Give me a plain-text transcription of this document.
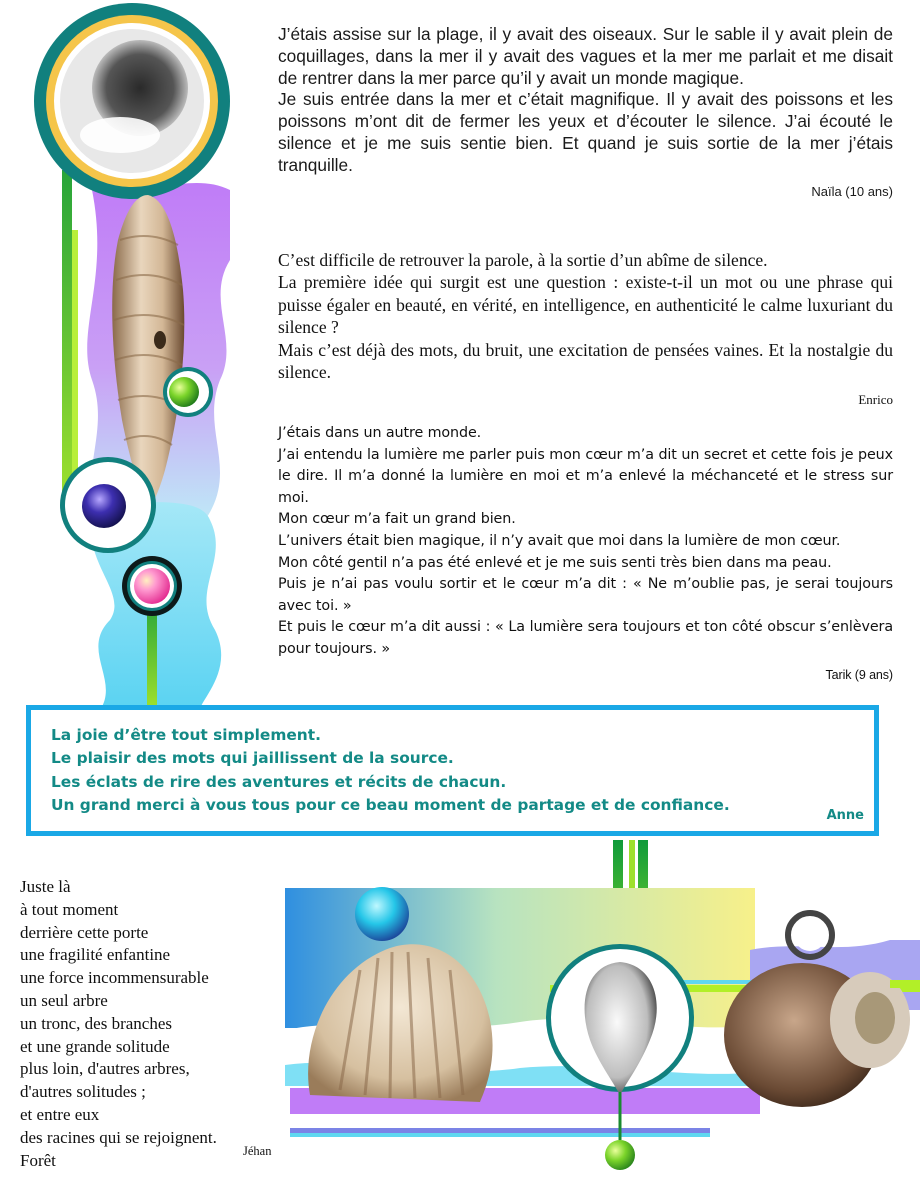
J’étais assise sur la plage, il y avait des oiseaux. Sur le sable il y avait plein de coquillages, dans la mer il y avait des vagues et la mer me parlait et me disait de rentrer dans la mer parce qu’il y avait un monde magique.

Je suis entrée dans la mer et c’était magnifique. Il y avait des poissons et les poissons m’ont dit de fermer les yeux et d’écouter le silence. J’ai écouté le silence et je me suis sentie bien. Et quand je suis sortie de la mer j’étais tranquille.

Naïla (10 ans)

C’est difficile de retrouver la parole, à la sortie d’un abîme de silence.

La première idée qui surgit est une question : existe-t-il un mot ou une phrase qui puisse égaler en beauté, en vérité, en intelligence, en authenticité le calme luxuriant du silence ?

Mais c’est déjà des mots, du bruit, une excitation de pensées vaines. Et la nostalgie du silence.

Enrico

J’étais dans un autre monde.

J’ai entendu la lumière me parler puis mon cœur m’a dit un secret et cette fois je peux le dire. Il m’a donné la lumière en moi et m’a enlevé la méchanceté et le stress sur moi.

Mon cœur m’a fait un grand bien.

L’univers était bien magique, il n’y avait que moi dans la lumière de mon cœur.

Mon côté gentil n’a pas été enlevé et je me suis senti très bien dans ma peau.

Puis je n’ai pas voulu sortir et le cœur m’a dit : « Ne m’oublie pas, je serai toujours avec toi. »

Et puis le cœur m’a dit aussi : « La lumière sera toujours et ton côté obscur s’enlèvera pour toujours. »

Tarik (9 ans)
La joie d’être tout simplement.
Le plaisir des mots qui jaillissent de la source.
Les éclats de rire des aventures et récits de chacun.
Un grand merci à vous tous pour ce beau moment de partage et de confiance.
Anne
Juste là
à tout moment
derrière cette porte
une fragilité enfantine
une force incommensurable
un seul arbre
un tronc, des branches
et une grande solitude
plus loin, d'autres arbres,
d'autres solitudes ;
et entre eux
des racines qui se rejoignent.
Forêt	Jéhan
